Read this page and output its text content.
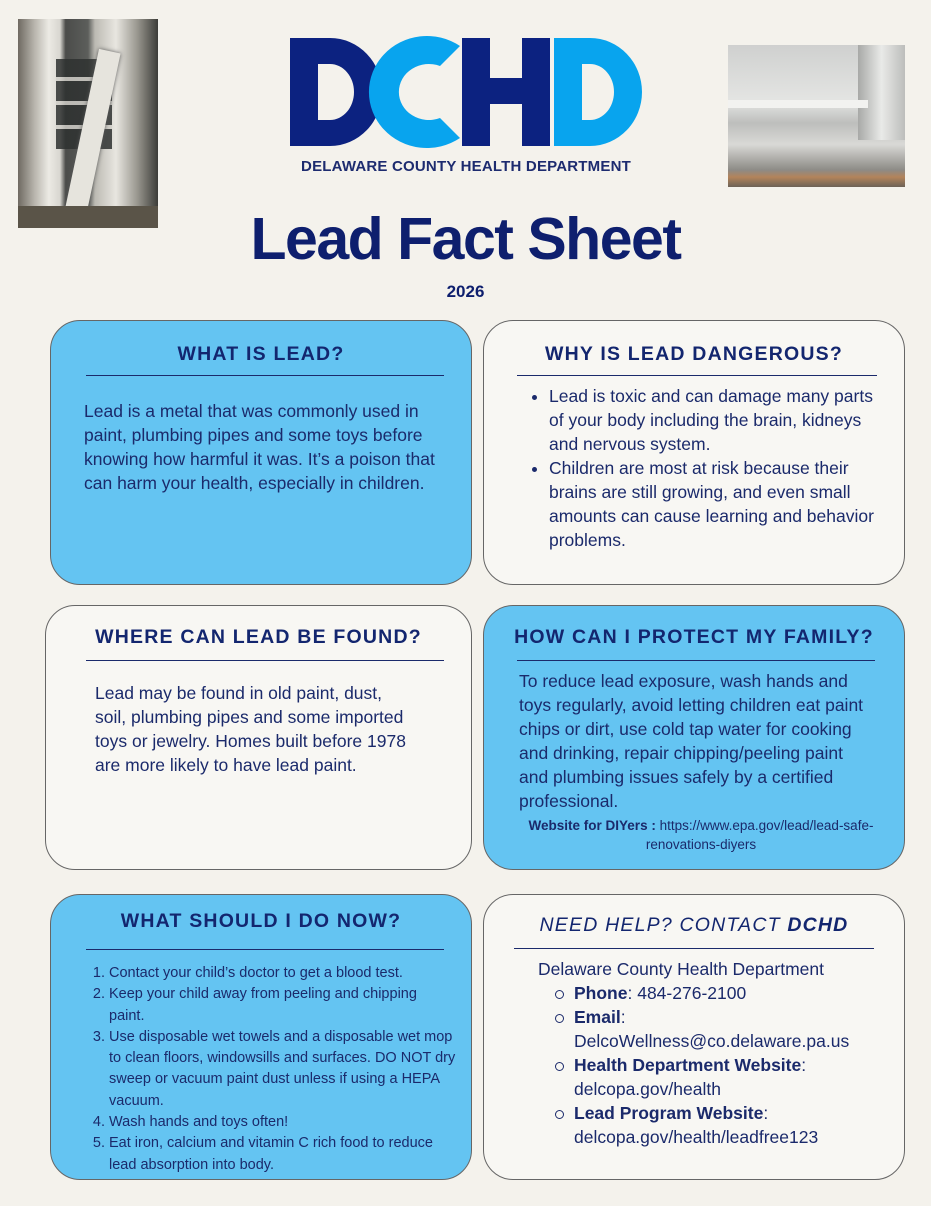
DELAWARE COUNTY HEALTH DEPARTMENT
Lead Fact Sheet
2026
WHAT IS LEAD?
Lead is a metal that was commonly used in paint, plumbing pipes and some toys before knowing how harmful it was. It’s a poison that can harm your health, especially in children.
WHY IS LEAD DANGEROUS?
• Lead is toxic and can damage many parts of your body including the brain, kidneys and nervous system.
• Children are most at risk because their brains are still growing, and even small amounts can cause learning and behavior problems.
WHERE CAN LEAD BE FOUND?
Lead may be found in old paint, dust, soil, plumbing pipes and some imported toys or jewelry. Homes built before 1978 are more likely to have lead paint.
HOW CAN I PROTECT MY FAMILY?
To reduce lead exposure, wash hands and toys regularly, avoid letting children eat paint chips or dirt, use cold tap water for cooking and drinking, repair chipping/peeling paint and plumbing issues safely by a certified professional.
Website for DIYers : https://www.epa.gov/lead/lead-safe-renovations-diyers
WHAT SHOULD I DO NOW?
1. Contact your child’s doctor to get a blood test.
2. Keep your child away from peeling and chipping paint.
3. Use disposable wet towels and a disposable wet mop to clean floors, windowsills and surfaces. DO NOT dry sweep or vacuum paint dust unless if using a HEPA vacuum.
4. Wash hands and toys often!
5. Eat iron, calcium and vitamin C rich food to reduce lead absorption into body.
NEED HELP? CONTACT DCHD
Delaware County Health Department
Phone: 484-276-2100
Email:
DelcoWellness@co.delaware.pa.us
Health Department Website:
delcopa.gov/health
Lead Program Website:
delcopa.gov/health/leadfree123
